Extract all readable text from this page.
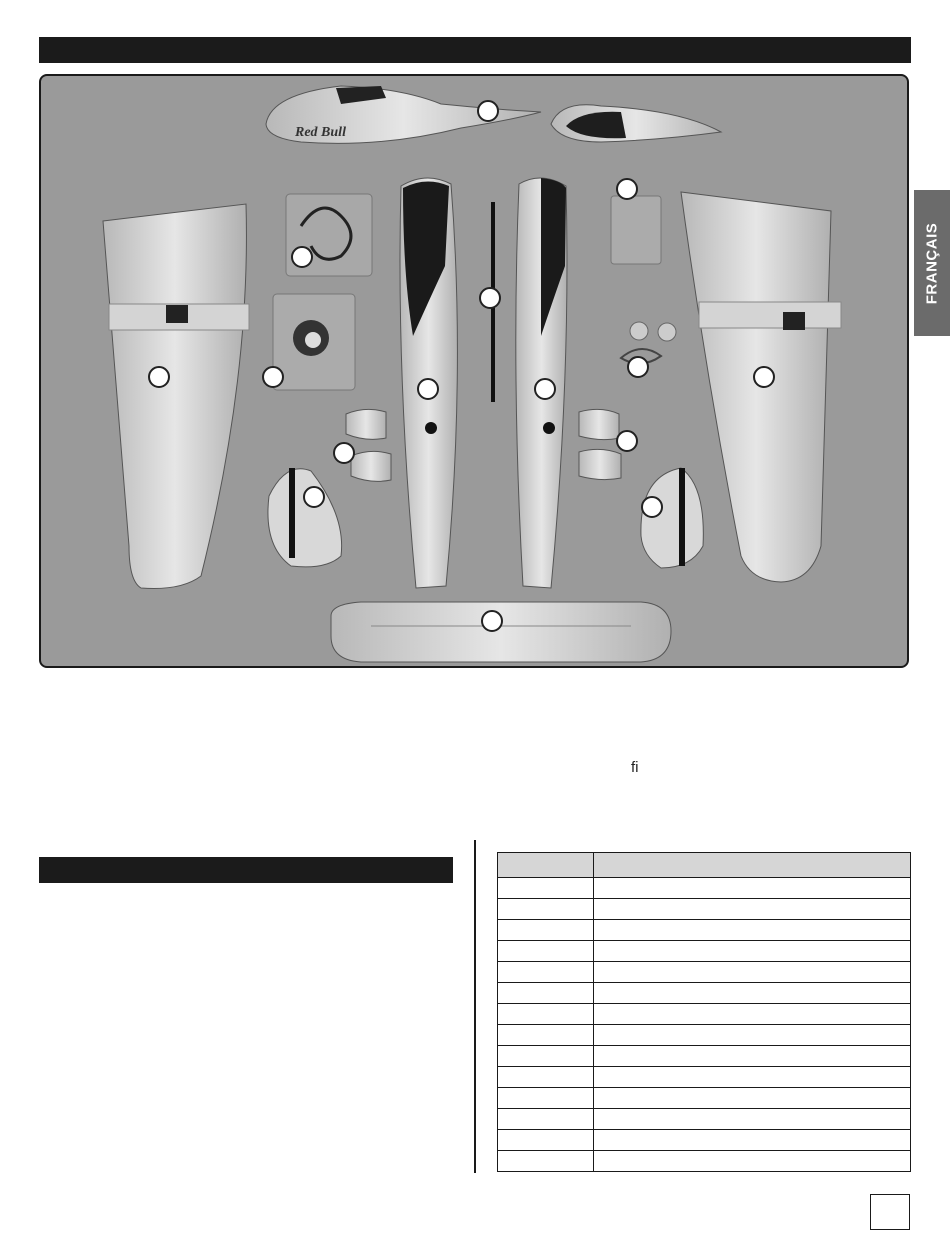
Red Bull
FRANÇAIS
ﬁ
